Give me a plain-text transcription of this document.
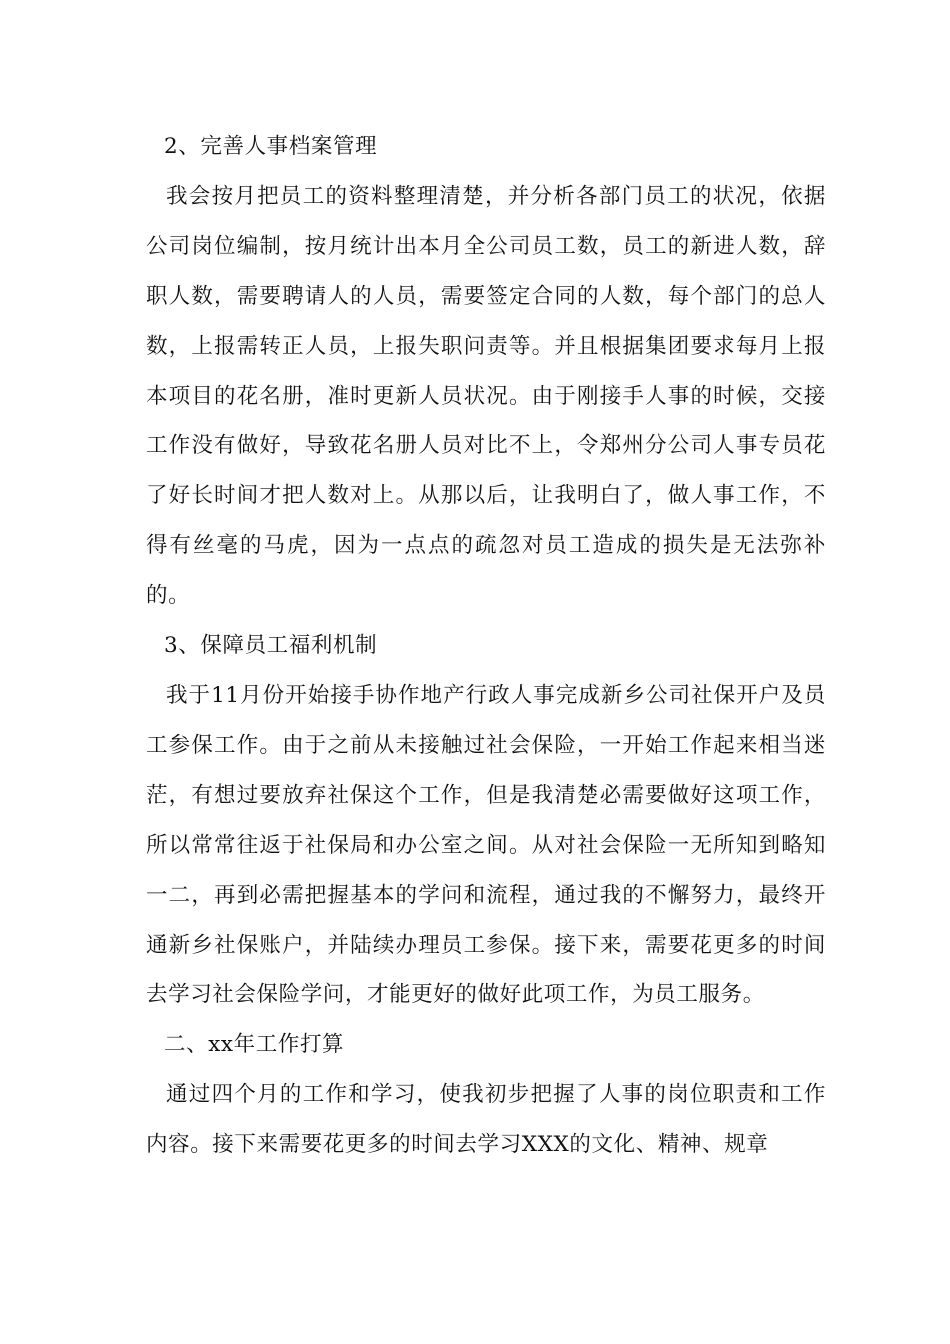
2、完善人事档案管理

我会按月把员工的资料整理清楚，并分析各部门员工的状况，依据公司岗位编制，按月统计出本月全公司员工数，员工的新进人数，辞职人数，需要聘请人的人员，需要签定合同的人数，每个部门的总人数，上报需转正人员，上报失职问责等。并且根据集团要求每月上报本项目的花名册，准时更新人员状况。由于刚接手人事的时候，交接工作没有做好，导致花名册人员对比不上，令郑州分公司人事专员花了好长时间才把人数对上。从那以后，让我明白了，做人事工作，不得有丝毫的马虎，因为一点点的疏忽对员工造成的损失是无法弥补的。

3、保障员工福利机制

我于11月份开始接手协作地产行政人事完成新乡公司社保开户及员工参保工作。由于之前从未接触过社会保险，一开始工作起来相当迷茫，有想过要放弃社保这个工作，但是我清楚必需要做好这项工作，所以常常往返于社保局和办公室之间。从对社会保险一无所知到略知一二，再到必需把握基本的学问和流程，通过我的不懈努力，最终开通新乡社保账户，并陆续办理员工参保。接下来，需要花更多的时间去学习社会保险学问，才能更好的做好此项工作，为员工服务。

二、xx年工作打算

通过四个月的工作和学习，使我初步把握了人事的岗位职责和工作内容。接下来需要花更多的时间去学习XXX的文化、精神、规章
